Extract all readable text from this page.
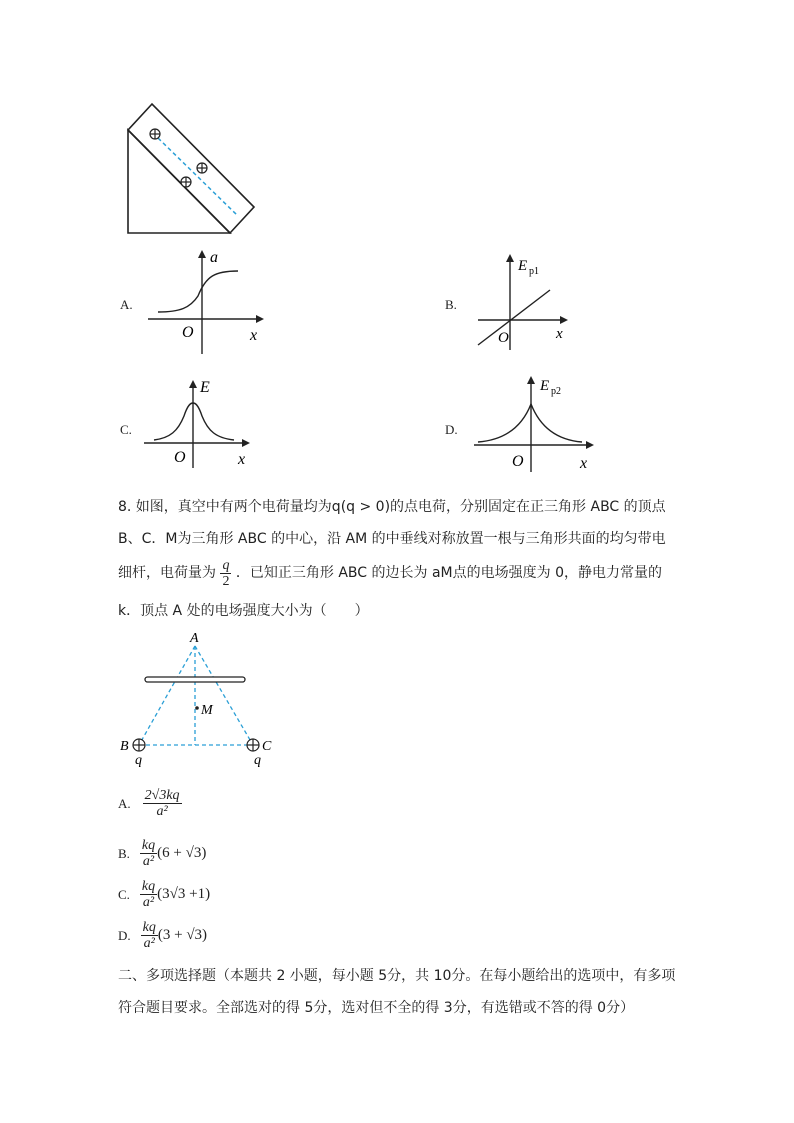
A.
a
x
O
B.
E p1
x
O
C.
E
x
O
D.
E p2
x
O
8. 如图，真空中有两个电荷量均为q(q > 0)的点电荷，分别固定在正三角形 ABC 的顶点
B、C．M为三角形 ABC 的中心，沿 AM 的中垂线对称放置一根与三角形共面的均匀带电
细杆，电荷量为 $\frac{q}{2}$ ．已知正三角形 ABC 的边长为 aM点的电场强度为 0，静电力常量的
k．顶点 A 处的电场强度大小为（　　）
A
M
B	C
q	q
A. $\frac{2√3kq}{\text{a²}}$
B. $\frac{kq}{\text{a²}} (6 + √3)$
C. $\frac{kq}{\text{a²}} (3√3 +1)$
D. $\frac{kq}{\text{a²}} (3 + √3)$
二、多项选择题（本题共 2 小题，每小题 5分，共 10分。在每小题给出的选项中，有多项
符合题目要求。全部选对的得 5分，选对但不全的得 3分，有选错或不答的得 0分）
